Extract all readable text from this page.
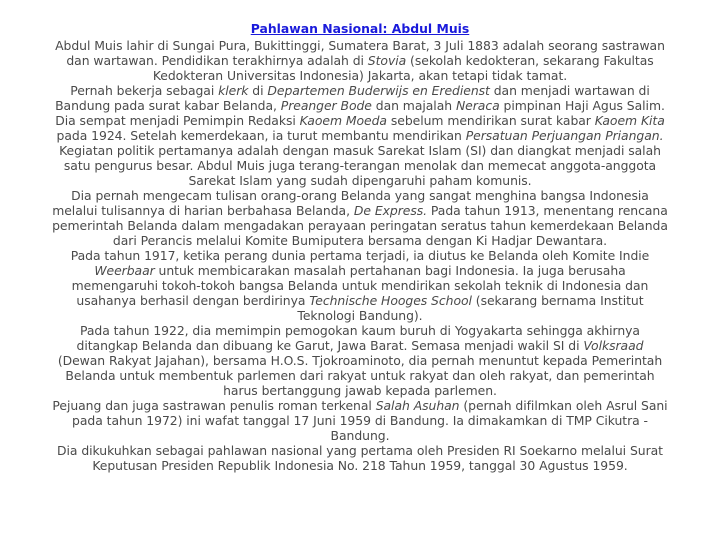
Pahlawan Nasional: Abdul Muis

Abdul Muis lahir di Sungai Pura, Bukittinggi, Sumatera Barat, 3 Juli 1883 adalah seorang sastrawan dan wartawan. Pendidikan terakhirnya adalah di Stovia (sekolah kedokteran, sekarang Fakultas Kedokteran Universitas Indonesia) Jakarta, akan tetapi tidak tamat.

Pernah bekerja sebagai klerk di Departemen Buderwijs en Eredienst dan menjadi wartawan di Bandung pada surat kabar Belanda, Preanger Bode dan majalah Neraca pimpinan Haji Agus Salim. Dia sempat menjadi Pemimpin Redaksi Kaoem Moeda sebelum mendirikan surat kabar Kaoem Kita pada 1924. Setelah kemerdekaan, ia turut membantu mendirikan Persatuan Perjuangan Priangan.

Kegiatan politik pertamanya adalah dengan masuk Sarekat Islam (SI) dan diangkat menjadi salah satu pengurus besar. Abdul Muis juga terang-terangan menolak dan memecat anggota-anggota Sarekat Islam yang sudah dipengaruhi paham komunis.

Dia pernah mengecam tulisan orang-orang Belanda yang sangat menghina bangsa Indonesia melalui tulisannya di harian berbahasa Belanda, De Express. Pada tahun 1913, menentang rencana pemerintah Belanda dalam mengadakan perayaan peringatan seratus tahun kemerdekaan Belanda dari Perancis melalui Komite Bumiputera bersama dengan Ki Hadjar Dewantara.

Pada tahun 1917, ketika perang dunia pertama terjadi, ia diutus ke Belanda oleh Komite Indie Weerbaar untuk membicarakan masalah pertahanan bagi Indonesia. Ia juga berusaha memengaruhi tokoh-tokoh bangsa Belanda untuk mendirikan sekolah teknik di Indonesia dan usahanya berhasil dengan berdirinya Technische Hooges School (sekarang bernama Institut Teknologi Bandung).

Pada tahun 1922, dia memimpin pemogokan kaum buruh di Yogyakarta sehingga akhirnya ditangkap Belanda dan dibuang ke Garut, Jawa Barat. Semasa menjadi wakil SI di Volksraad (Dewan Rakyat Jajahan), bersama H.O.S. Tjokroaminoto, dia pernah menuntut kepada Pemerintah Belanda untuk membentuk parlemen dari rakyat untuk rakyat dan oleh rakyat, dan pemerintah harus bertanggung jawab kepada parlemen.

Pejuang dan juga sastrawan penulis roman terkenal Salah Asuhan (pernah difilmkan oleh Asrul Sani pada tahun 1972) ini wafat tanggal 17 Juni 1959 di Bandung. Ia dimakamkan di TMP Cikutra - Bandung.

Dia dikukuhkan sebagai pahlawan nasional yang pertama oleh Presiden RI Soekarno melalui Surat Keputusan Presiden Republik Indonesia No. 218 Tahun 1959, tanggal 30 Agustus 1959.
